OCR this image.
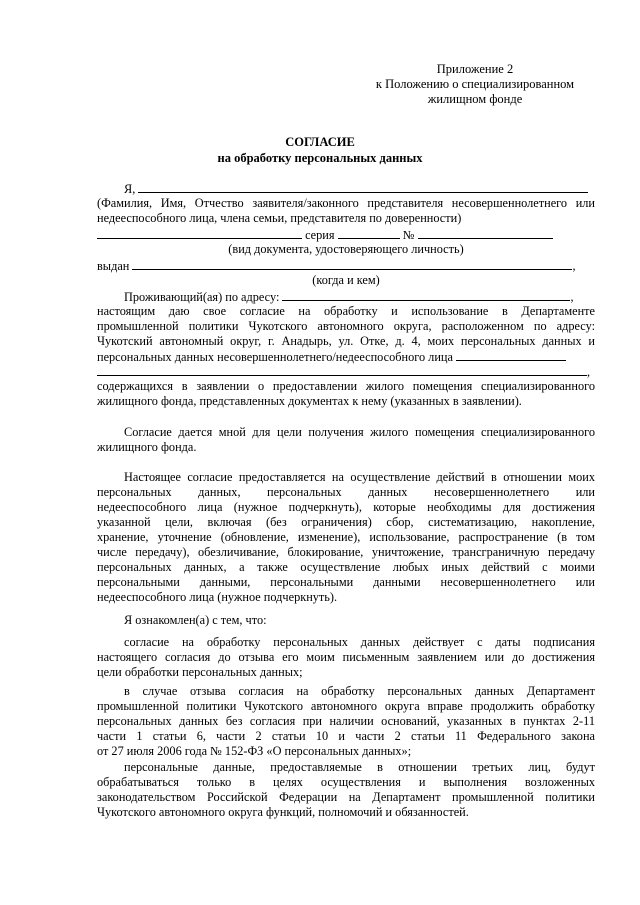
Приложение 2
к Положению о специализированном
жилищном фонде
СОГЛАСИЕ
на обработку персональных данных
Я,
(Фамилия, Имя, Отчество заявителя/законного представителя несовершеннолетнего или
недееспособного лица, члена семьи, представителя по доверенности)
серия	№
(вид документа, удостоверяющего личность)
выдан	,
(когда и кем)
Проживающий(ая) по адресу:	,
настоящим даю свое согласие на обработку и использование в Департаменте
промышленной политики Чукотского автономного округа, расположенном по адресу:
Чукотский автономный округ, г. Анадырь, ул. Отке, д. 4, моих персональных данных и
персональных данных несовершеннолетнего/недееспособного лица
,
содержащихся в заявлении о предоставлении жилого помещения специализированного
жилищного фонда, представленных документах к нему (указанных в заявлении).
Согласие дается мной для цели получения жилого помещения специализированного
жилищного фонда.
Настоящее согласие предоставляется на осуществление действий в отношении моих
персональных данных, персональных данных несовершеннолетнего или
недееспособного лица (нужное подчеркнуть), которые необходимы для достижения
указанной цели, включая (без ограничения) сбор, систематизацию, накопление,
хранение, уточнение (обновление, изменение), использование, распространение (в том
числе передачу), обезличивание, блокирование, уничтожение, трансграничную передачу
персональных данных, а также осуществление любых иных действий с моими
персональными данными, персональными данными несовершеннолетнего или
недееспособного лица (нужное подчеркнуть).
Я ознакомлен(а) с тем, что:
согласие на обработку персональных данных действует с даты подписания
настоящего согласия до отзыва его моим письменным заявлением или до достижения
цели обработки персональных данных;
в случае отзыва согласия на обработку персональных данных Департамент
промышленной политики Чукотского автономного округа вправе продолжить обработку
персональных данных без согласия при наличии оснований, указанных в пунктах 2-11
части 1 статьи 6, части 2 статьи 10 и части 2 статьи 11 Федерального закона
от 27 июля 2006 года № 152-ФЗ «О персональных данных»;
персональные данные, предоставляемые в отношении третьих лиц, будут
обрабатываться только в целях осуществления и выполнения возложенных
законодательством Российской Федерации на Департамент промышленной политики
Чукотского автономного округа функций, полномочий и обязанностей.
